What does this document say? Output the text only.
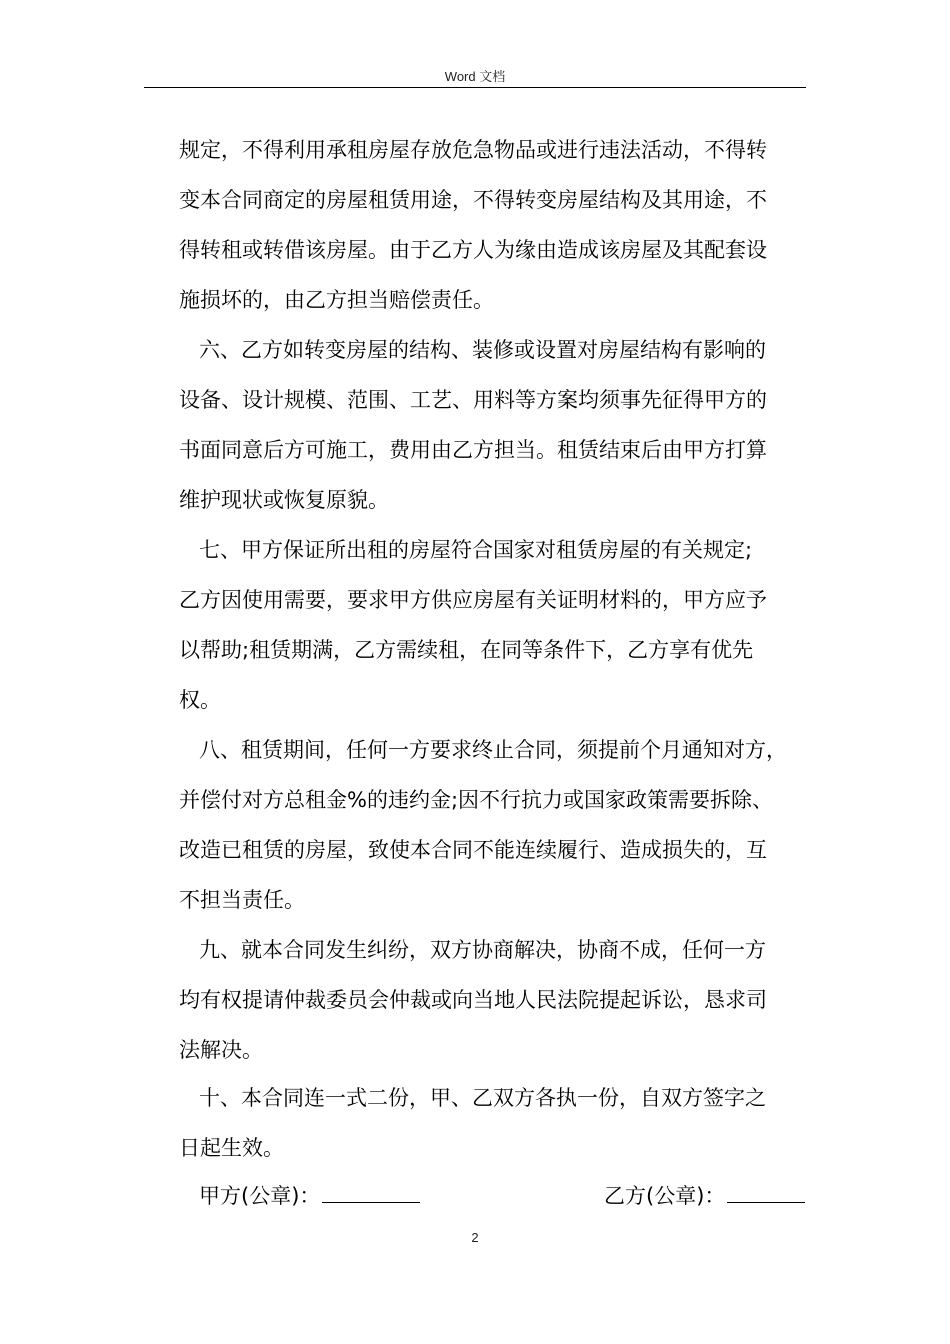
Word 文档
规定，不得利用承租房屋存放危急物品或进行违法活动，不得转
变本合同商定的房屋租赁用途，不得转变房屋结构及其用途，不
得转租或转借该房屋。由于乙方人为缘由造成该房屋及其配套设
施损坏的，由乙方担当赔偿责任。
六、乙方如转变房屋的结构、装修或设置对房屋结构有影响的
设备、设计规模、范围、工艺、用料等方案均须事先征得甲方的
书面同意后方可施工，费用由乙方担当。租赁结束后由甲方打算
维护现状或恢复原貌。
七、甲方保证所出租的房屋符合国家对租赁房屋的有关规定;
乙方因使用需要，要求甲方供应房屋有关证明材料的，甲方应予
以帮助;租赁期满，乙方需续租，在同等条件下，乙方享有优先
权。
八、租赁期间，任何一方要求终止合同，须提前个月通知对方，
并偿付对方总租金%的违约金;因不行抗力或国家政策需要拆除、
改造已租赁的房屋，致使本合同不能连续履行、造成损失的，互
不担当责任。
九、就本合同发生纠纷，双方协商解决，协商不成，任何一方
均有权提请仲裁委员会仲裁或向当地人民法院提起诉讼，恳求司
法解决。
十、本合同连一式二份，甲、乙双方各执一份，自双方签字之
日起生效。
甲方(公章)：	乙方(公章)：
2
